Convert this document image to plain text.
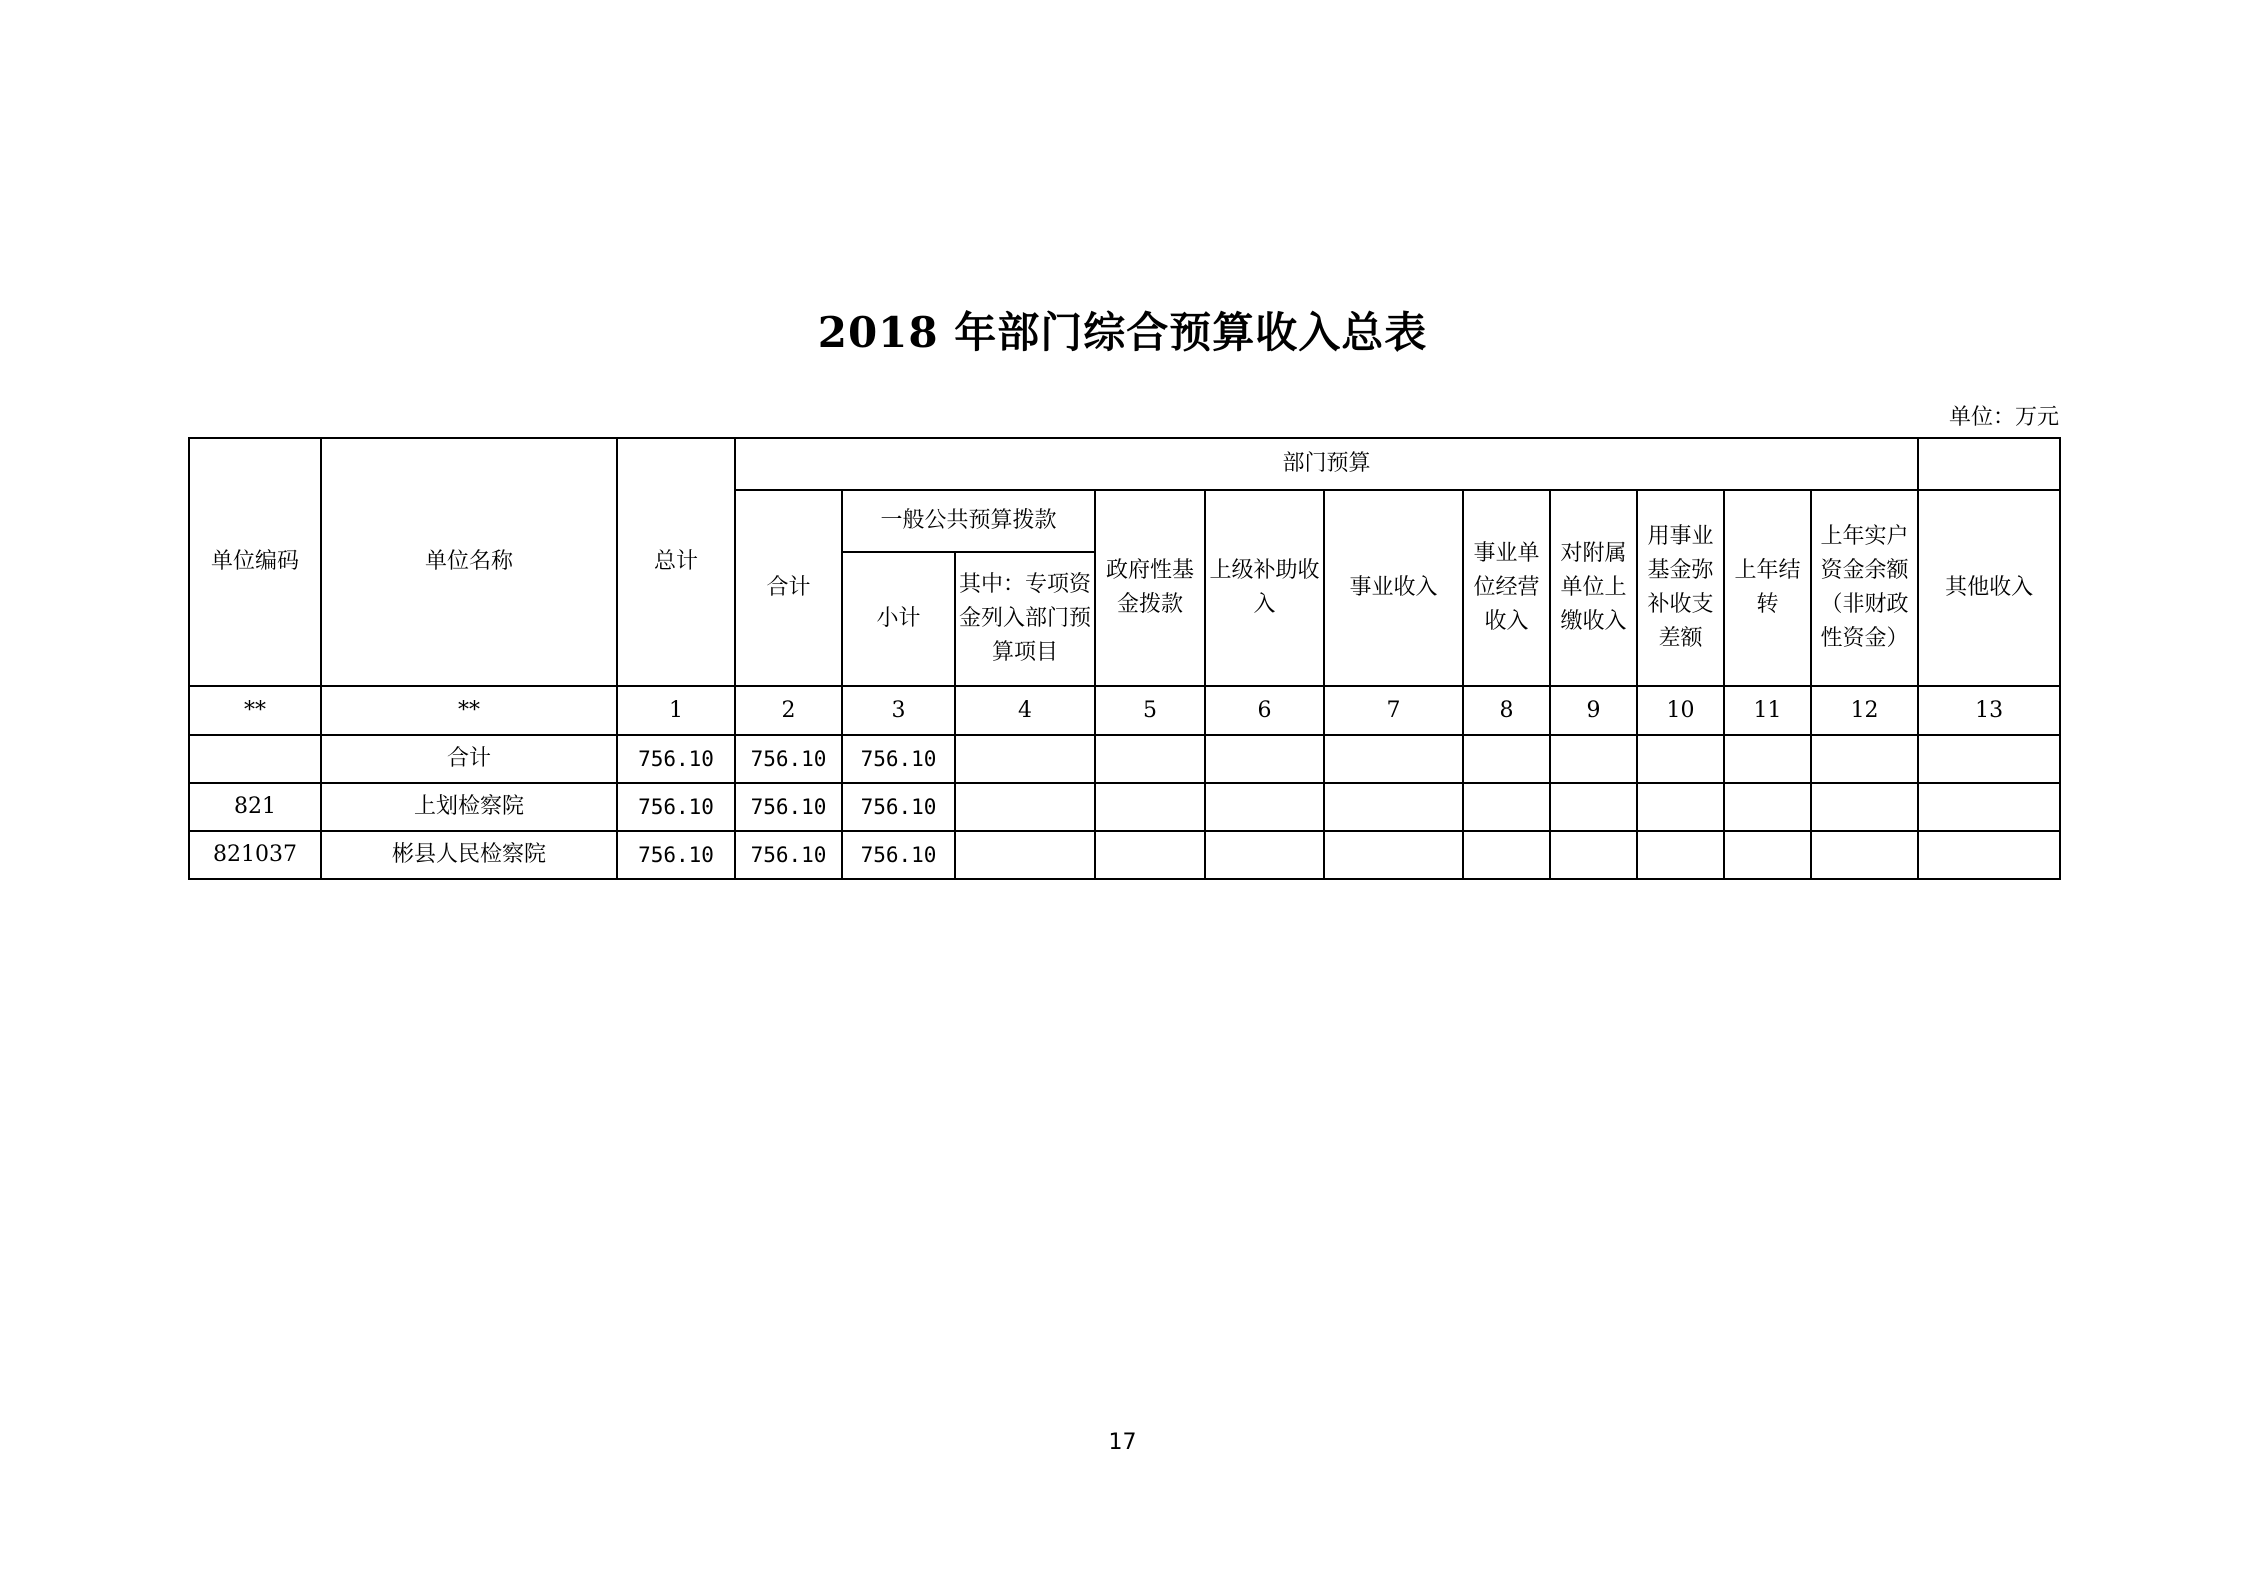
2018 年部门综合预算收入总表
单位：万元
单位编码	单位名称	总计	部门预算											
			合计	一般公共预算拨款		政府性基金拨款	上级补助收入	事业收入	事业单位经营收入	对附属单位上缴收入	用事业基金弥补收支差额	上年结转	上年实户资金余额（非财政性资金）	其他收入
				小计	其中：专项资金列入部门预算项目									
**	**	1	2	3	4	5	6	7	8	9	10	11	12	13
	合计	756.10	756.10	756.10										
821	上划检察院	756.10	756.10	756.10										
821037	彬县人民检察院	756.10	756.10	756.10										
17
